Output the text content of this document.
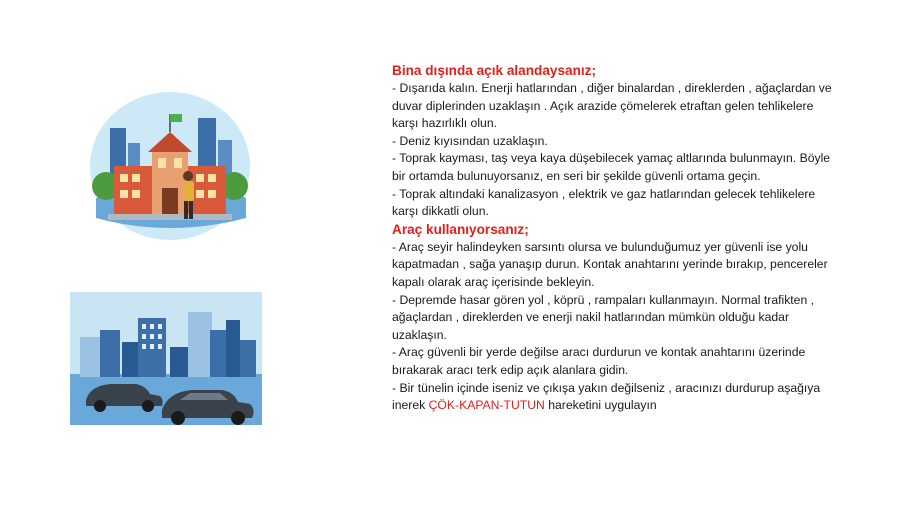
Bina dışında açık alandaysanız;
- Dışarıda kalın. Enerji hatlarından , diğer binalardan , direklerden , ağaçlardan ve duvar diplerinden uzaklaşın . Açık arazide çömelerek etraftan gelen tehlikelere karşı hazırlıklı olun.
- Deniz kıyısından uzaklaşın.
- Toprak kayması, taş veya kaya düşebilecek yamaç altlarında bulunmayın. Böyle bir ortamda bulunuyorsanız, en seri bir şekilde güvenli ortama geçin.
- Toprak altındaki kanalizasyon , elektrik ve gaz hatlarından gelecek tehlikelere karşı dikkatli olun.
Araç kullanıyorsanız;
- Araç seyir halindeyken sarsıntı olursa ve bulunduğumuz yer güvenli ise yolu kapatmadan , sağa yanaşıp durun. Kontak anahtarını yerinde bırakıp, pencereler kapalı olarak araç içerisinde bekleyin.
- Depremde hasar gören yol , köprü , rampaları kullanmayın. Normal trafikten , ağaçlardan , direklerden ve enerji nakil hatlarından mümkün olduğu kadar uzaklaşın.
- Araç güvenli bir yerde değilse aracı durdurun ve kontak anahtarını üzerinde bırakarak aracı terk edip açık alanlara gidin.
- Bir tünelin içinde iseniz ve çıkışa yakın değilseniz , aracınızı durdurup aşağıya inerek ÇÖK-KAPAN-TUTUN hareketini uygulayın
